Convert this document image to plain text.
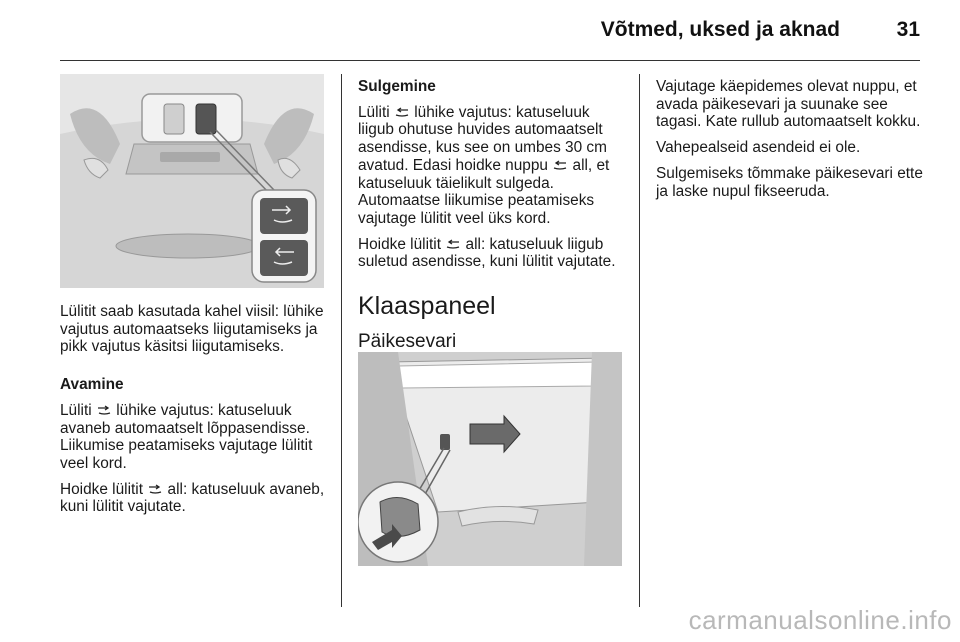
Võtmed, uksed ja aknad	31

Lülitit saab kasutada kahel viisil: lühike vajutus automaatseks liigutamiseks ja pikk vajutus käsitsi liigutamiseks.

Avamine

Lüliti lühike vajutus: katuseluuk avaneb automaatselt lõppasendisse. Liikumise peatamiseks vajutage lülitit veel kord.

Hoidke lülitit all: katuseluuk avaneb, kuni lülitit vajutate.

Sulgemine

Lüliti lühike vajutus: katuseluuk liigub ohutuse huvides automaatselt asendisse, kus see on umbes 30 cm avatud. Edasi hoidke nuppu all, et katuseluuk täielikult sulgeda. Automaatse liikumise peatamiseks vajutage lülitit veel üks kord.

Hoidke lülitit all: katuseluuk liigub suletud asendisse, kuni lülitit vajutate.

Klaaspaneel
Päikesevari

Vajutage käepidemes olevat nuppu, et avada päikesevari ja suunake see tagasi. Kate rullub automaatselt kokku.

Vahepealseid asendeid ei ole.

Sulgemiseks tõmmake päikesevari ette ja laske nupul fikseeruda.

carmanualsonline.info
